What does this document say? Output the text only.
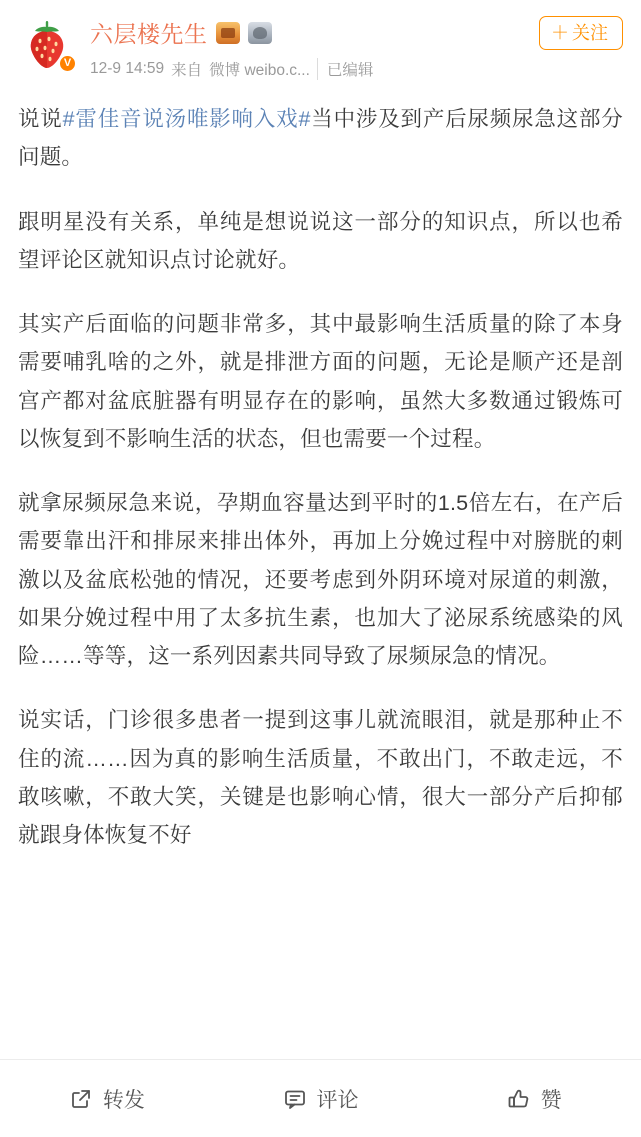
V
六层楼先生
12-9 14:59 来自 微博 weibo.c...	已编辑
＋ 关注

说说#雷佳音说汤唯影响入戏#当中涉及到产后尿频尿急这部分问题。

跟明星没有关系，单纯是想说说这一部分的知识点，所以也希望评论区就知识点讨论就好。

其实产后面临的问题非常多，其中最影响生活质量的除了本身需要哺乳啥的之外，就是排泄方面的问题，无论是顺产还是剖宫产都对盆底脏器有明显存在的影响，虽然大多数通过锻炼可以恢复到不影响生活的状态，但也需要一个过程。

就拿尿频尿急来说，孕期血容量达到平时的1.5倍左右，在产后需要靠出汗和排尿来排出体外，再加上分娩过程中对膀胱的刺激以及盆底松弛的情况，还要考虑到外阴环境对尿道的刺激，如果分娩过程中用了太多抗生素，也加大了泌尿系统感染的风险……等等，这一系列因素共同导致了尿频尿急的情况。

说实话，门诊很多患者一提到这事儿就流眼泪，就是那种止不住的流……因为真的影响生活质量，不敢出门，不敢走远，不敢咳嗽，不敢大笑，关键是也影响心情，很大一部分产后抑郁就跟身体恢复不好

转发	评论	赞
